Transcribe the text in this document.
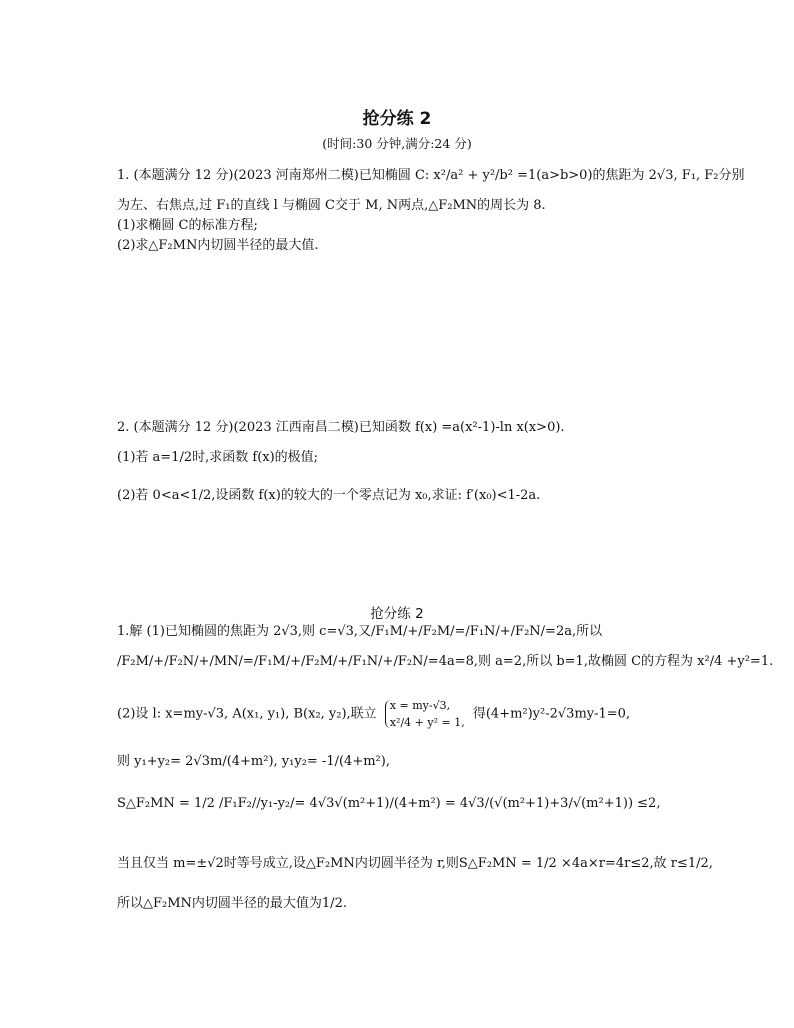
抢分练 2
(时间:30 分钟,满分:24 分)
1. (本题满分 12 分)(2023 河南郑州二模)已知椭圆 C: x²/a² + y²/b² =1(a>b>0)的焦距为 2√3, F₁, F₂分别
为左、右焦点,过 F₁的直线 l 与椭圆 C交于 M, N两点,△F₂MN的周长为 8.
(1)求椭圆 C的标准方程;
(2)求△F₂MN内切圆半径的最大值.
2. (本题满分 12 分)(2023 江西南昌二模)已知函数 f(x) =a(x²-1)-ln x(x>0).
(1)若 a=1/2时,求函数 f(x)的极值;
(2)若 0<a<1/2,设函数 f(x)的较大的一个零点记为 x₀,求证: f′(x₀)<1-2a.
抢分练 2
1.解 (1)已知椭圆的焦距为 2√3,则 c=√3,又/F₁M/+/F₂M/=/F₁N/+/F₂N/=2a,所以
/F₂M/+/F₂N/+/MN/=/F₁M/+/F₂M/+/F₁N/+/F₂N/=4a=8,则 a=2,所以 b=1,故椭圆 C的方程为 x²/4 +y²=1.
(2)设 l: x=my-√3, A(x₁, y₁), B(x₂, y₂),联立
x = my-√3,
x²/4 + y² = 1,
得(4+m²)y²-2√3my-1=0,
则 y₁+y₂= 2√3m/(4+m²), y₁y₂= -1/(4+m²),
S△F₂MN = 1/2 /F₁F₂//y₁-y₂/= 4√3√(m²+1)/(4+m²) = 4√3/(√(m²+1)+3/√(m²+1)) ≤2,
当且仅当 m=±√2时等号成立,设△F₂MN内切圆半径为 r,则S△F₂MN = 1/2 ×4a×r=4r≤2,故 r≤1/2,
所以△F₂MN内切圆半径的最大值为1/2.
